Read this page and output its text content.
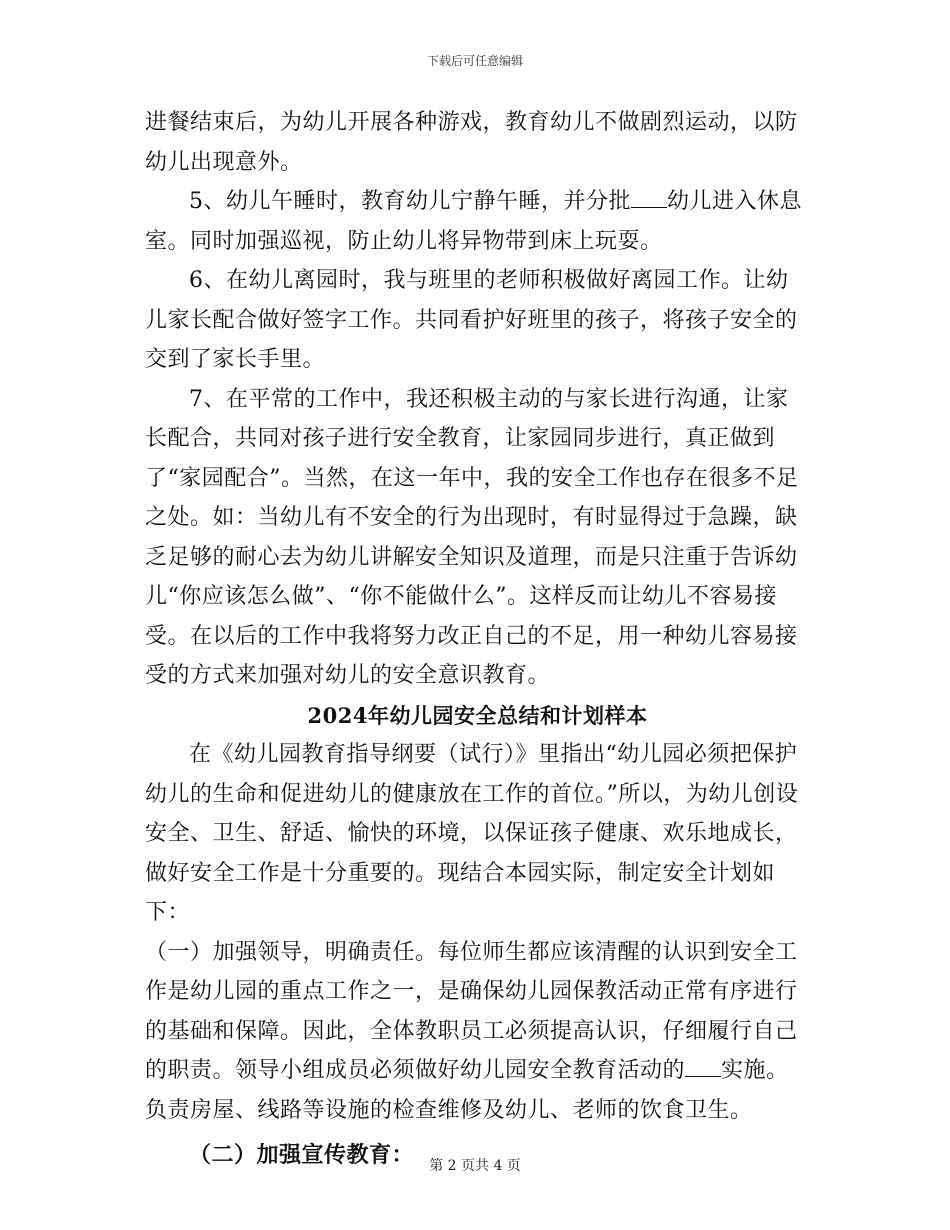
下载后可任意编辑

进餐结束后，为幼儿开展各种游戏，教育幼儿不做剧烈运动，以防幼儿出现意外。

5、幼儿午睡时，教育幼儿宁静午睡，并分批 幼儿进入休息室。同时加强巡视，防止幼儿将异物带到床上玩耍。

6、在幼儿离园时，我与班里的老师积极做好离园工作。让幼儿家长配合做好签字工作。共同看护好班里的孩子，将孩子安全的交到了家长手里。

7、在平常的工作中，我还积极主动的与家长进行沟通，让家长配合，共同对孩子进行安全教育，让家园同步进行，真正做到了“家园配合”。当然，在这一年中，我的安全工作也存在很多不足之处。如：当幼儿有不安全的行为出现时，有时显得过于急躁，缺乏足够的耐心去为幼儿讲解安全知识及道理，而是只注重于告诉幼儿“你应该怎么做”、“你不能做什么”。这样反而让幼儿不容易接受。在以后的工作中我将努力改正自己的不足，用一种幼儿容易接受的方式来加强对幼儿的安全意识教育。

2024年幼儿园安全总结和计划样本

在《幼儿园教育指导纲要（试行）》里指出“幼儿园必须把保护幼儿的生命和促进幼儿的健康放在工作的首位。”所以，为幼儿创设安全、卫生、舒适、愉快的环境，以保证孩子健康、欢乐地成长，做好安全工作是十分重要的。现结合本园实际，制定安全计划如下：

（一）加强领导，明确责任。每位师生都应该清醒的认识到安全工作是幼儿园的重点工作之一，是确保幼儿园保教活动正常有序进行的基础和保障。因此，全体教职员工必须提高认识，仔细履行自己的职责。领导小组成员必须做好幼儿园安全教育活动的 实施。负责房屋、线路等设施的检查维修及幼儿、老师的饮食卫生。

（二）加强宣传教育：	第 2 页共 4 页
